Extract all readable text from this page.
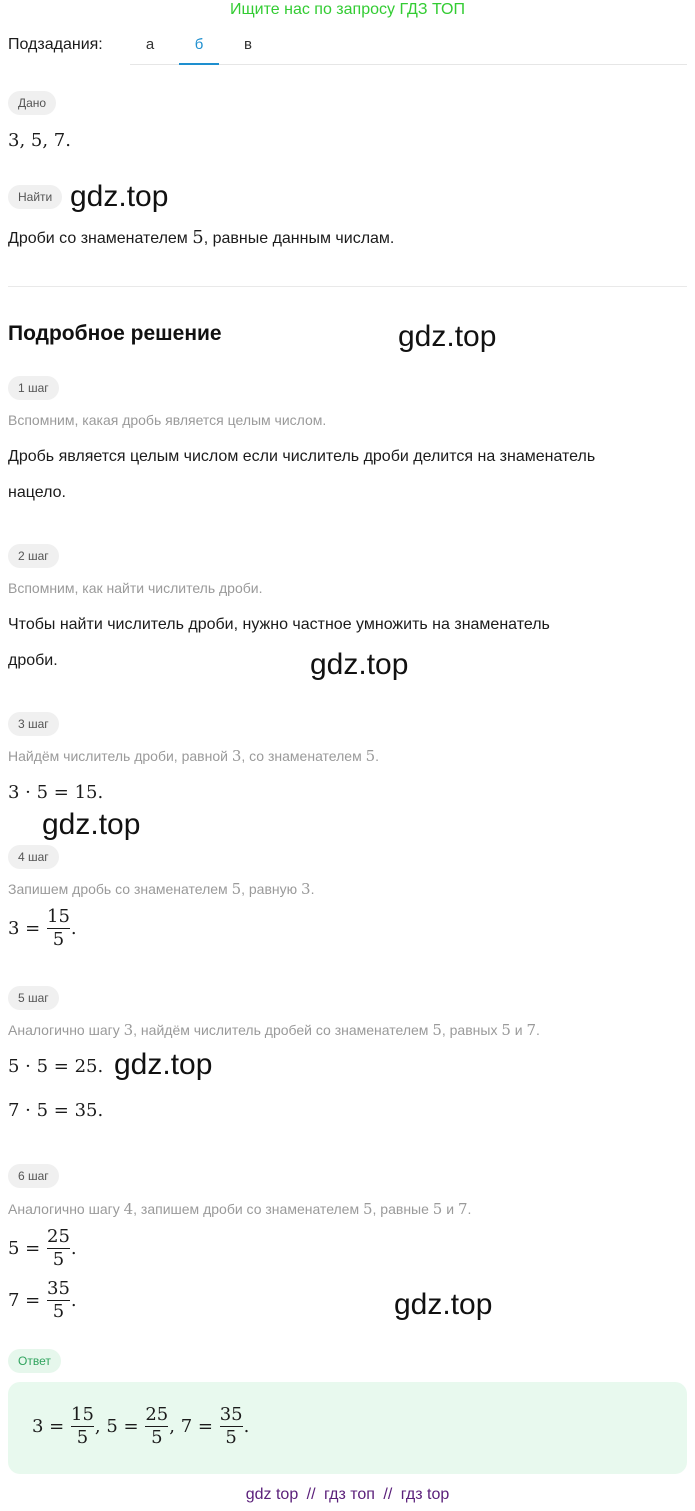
Ищите нас по запросу ГДЗ ТОП
Подзадания:	а	б	в
Дано
3, 5, 7.
Найти gdz.top
Дроби со знаменателем 5, равные данным числам.
Подробное решение	gdz.top
1 шаг
Вспомним, какая дробь является целым числом.
Дробь является целым числом если числитель дроби делится на знаменатель
нацело.
2 шаг
Вспомним, как найти числитель дроби.
Чтобы найти числитель дроби, нужно частное умножить на знаменатель
дроби.	gdz.top
3 шаг
Найдём числитель дроби, равной 3, со знаменателем 5.
3 · 5 = 15.
gdz.top
4 шаг
Запишем дробь со знаменателем 5, равную 3.
3 =
$\frac{15}{5}$ .
5 шаг
Аналогично шагу 3, найдём числитель дробей со знаменателем 5, равных 5 и 7.
5 · 5 = 25. gdz.top
7 · 5 = 35.
6 шаг
Аналогично шагу 4, запишем дроби со знаменателем 5, равные 5 и 7.
5 =
$\frac{25}{5}$ .
7 =
$\frac{35}{5}$ .	gdz.top
Ответ
3 =
$\frac{15}{5}$ , 5 =
$\frac{25}{5}$ , 7 =
$\frac{35}{5}$ .
gdz top // гдз топ // гдз top
